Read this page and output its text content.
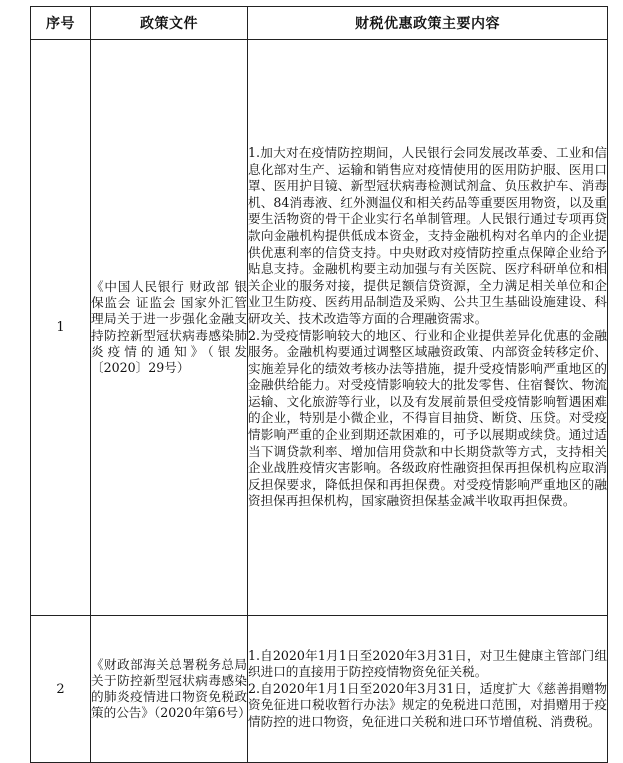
序号	政策文件	财税优惠政策主要内容
1	《中国人民银行 财政部 银保监会 证监会 国家外汇管理局关于进一步强化金融支持防控新型冠状病毒感染肺炎疫情的通知》（银发〔2020〕29号）	1.加大对在疫情防控期间，人民银行会同发展改革委、工业和信息化部对生产、运输和销售应对疫情使用的医用防护服、医用口罩、医用护目镜、新型冠状病毒检测试剂盒、负压救护车、消毒机、84消毒液、红外测温仪和相关药品等重要医用物资，以及重要生活物资的骨干企业实行名单制管理。人民银行通过专项再贷款向金融机构提供低成本资金，支持金融机构对名单内的企业提供优惠利率的信贷支持。中央财政对疫情防控重点保障企业给予贴息支持。金融机构要主动加强与有关医院、医疗科研单位和相关企业的服务对接，提供足额信贷资源，全力满足相关单位和企业卫生防疫、医药用品制造及采购、公共卫生基础设施建设、科研攻关、技术改造等方面的合理融资需求。

2.为受疫情影响较大的地区、行业和企业提供差异化优惠的金融服务。金融机构要通过调整区域融资政策、内部资金转移定价、实施差异化的绩效考核办法等措施，提升受疫情影响严重地区的金融供给能力。对受疫情影响较大的批发零售、住宿餐饮、物流运输、文化旅游等行业，以及有发展前景但受疫情影响暂遇困难的企业，特别是小微企业，不得盲目抽贷、断贷、压贷。对受疫情影响严重的企业到期还款困难的，可予以展期或续贷。通过适当下调贷款利率、增加信用贷款和中长期贷款等方式，支持相关企业战胜疫情灾害影响。各级政府性融资担保再担保机构应取消反担保要求，降低担保和再担保费。对受疫情影响严重地区的融资担保再担保机构，国家融资担保基金减半收取再担保费。

2	《财政部海关总署税务总局关于防控新型冠状病毒感染的肺炎疫情进口物资免税政策的公告》（2020年第6号）	1.自2020年1月1日至2020年3月31日，对卫生健康主管部门组织进口的直接用于防控疫情物资免征关税。

2.自2020年1月1日至2020年3月31日，适度扩大《慈善捐赠物资免征进口税收暂行办法》规定的免税进口范围，对捐赠用于疫情防控的进口物资，免征进口关税和进口环节增值税、消费税。
